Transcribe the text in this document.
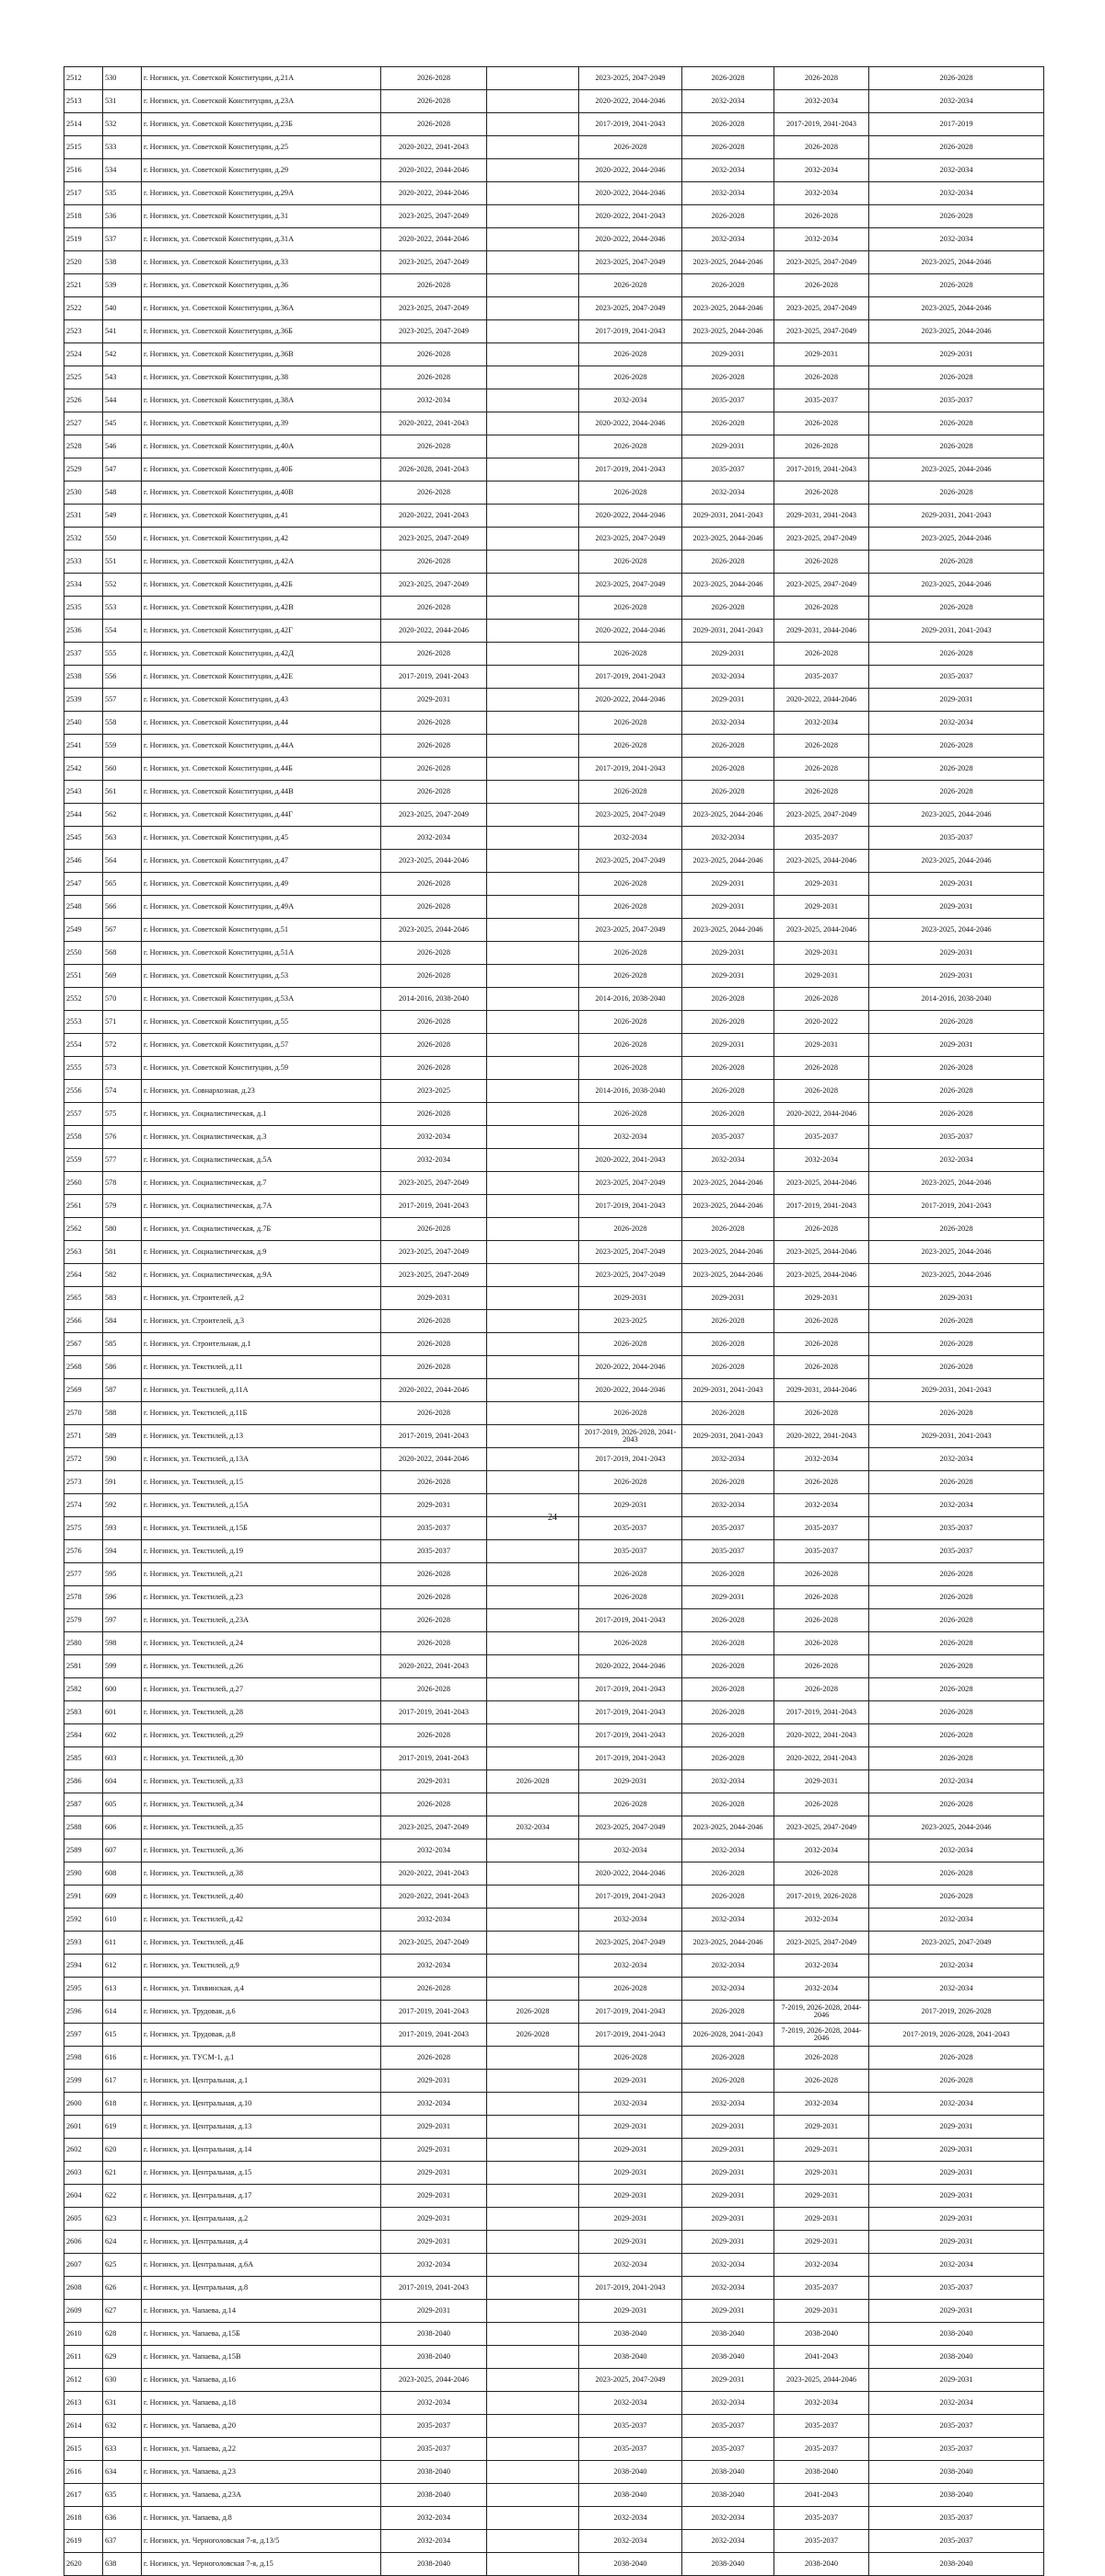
2512	530	г. Ногинск, ул. Советской Конституции, д.21А	2026-2028		2023-2025, 2047-2049	2026-2028	2026-2028	2026-2028
2513	531	г. Ногинск, ул. Советской Конституции, д.23А	2026-2028		2020-2022, 2044-2046	2032-2034	2032-2034	2032-2034
2514	532	г. Ногинск, ул. Советской Конституции, д.23Б	2026-2028		2017-2019, 2041-2043	2026-2028	2017-2019, 2041-2043	2017-2019
2515	533	г. Ногинск, ул. Советской Конституции, д.25	2020-2022, 2041-2043		2026-2028	2026-2028	2026-2028	2026-2028
2516	534	г. Ногинск, ул. Советской Конституции, д.29	2020-2022, 2044-2046		2020-2022, 2044-2046	2032-2034	2032-2034	2032-2034
2517	535	г. Ногинск, ул. Советской Конституции, д.29А	2020-2022, 2044-2046		2020-2022, 2044-2046	2032-2034	2032-2034	2032-2034
2518	536	г. Ногинск, ул. Советской Конституции, д.31	2023-2025, 2047-2049		2020-2022, 2041-2043	2026-2028	2026-2028	2026-2028
2519	537	г. Ногинск, ул. Советской Конституции, д.31А	2020-2022, 2044-2046		2020-2022, 2044-2046	2032-2034	2032-2034	2032-2034
2520	538	г. Ногинск, ул. Советской Конституции, д.33	2023-2025, 2047-2049		2023-2025, 2047-2049	2023-2025, 2044-2046	2023-2025, 2047-2049	2023-2025, 2044-2046
2521	539	г. Ногинск, ул. Советской Конституции, д.36	2026-2028		2026-2028	2026-2028	2026-2028	2026-2028
2522	540	г. Ногинск, ул. Советской Конституции, д.36А	2023-2025, 2047-2049		2023-2025, 2047-2049	2023-2025, 2044-2046	2023-2025, 2047-2049	2023-2025, 2044-2046
2523	541	г. Ногинск, ул. Советской Конституции, д.36Б	2023-2025, 2047-2049		2017-2019, 2041-2043	2023-2025, 2044-2046	2023-2025, 2047-2049	2023-2025, 2044-2046
2524	542	г. Ногинск, ул. Советской Конституции, д.36В	2026-2028		2026-2028	2029-2031	2029-2031	2029-2031
2525	543	г. Ногинск, ул. Советской Конституции, д.38	2026-2028		2026-2028	2026-2028	2026-2028	2026-2028
2526	544	г. Ногинск, ул. Советской Конституции, д.38А	2032-2034		2032-2034	2035-2037	2035-2037	2035-2037
2527	545	г. Ногинск, ул. Советской Конституции, д.39	2020-2022, 2041-2043		2020-2022, 2044-2046	2026-2028	2026-2028	2026-2028
2528	546	г. Ногинск, ул. Советской Конституции, д.40А	2026-2028		2026-2028	2029-2031	2026-2028	2026-2028
2529	547	г. Ногинск, ул. Советской Конституции, д.40Б	2026-2028, 2041-2043		2017-2019, 2041-2043	2035-2037	2017-2019, 2041-2043	2023-2025, 2044-2046
2530	548	г. Ногинск, ул. Советской Конституции, д.40В	2026-2028		2026-2028	2032-2034	2026-2028	2026-2028
2531	549	г. Ногинск, ул. Советской Конституции, д.41	2020-2022, 2041-2043		2020-2022, 2044-2046	2029-2031, 2041-2043	2029-2031, 2041-2043	2029-2031, 2041-2043
2532	550	г. Ногинск, ул. Советской Конституции, д.42	2023-2025, 2047-2049		2023-2025, 2047-2049	2023-2025, 2044-2046	2023-2025, 2047-2049	2023-2025, 2044-2046
2533	551	г. Ногинск, ул. Советской Конституции, д.42А	2026-2028		2026-2028	2026-2028	2026-2028	2026-2028
2534	552	г. Ногинск, ул. Советской Конституции, д.42Б	2023-2025, 2047-2049		2023-2025, 2047-2049	2023-2025, 2044-2046	2023-2025, 2047-2049	2023-2025, 2044-2046
2535	553	г. Ногинск, ул. Советской Конституции, д.42В	2026-2028		2026-2028	2026-2028	2026-2028	2026-2028
2536	554	г. Ногинск, ул. Советской Конституции, д.42Г	2020-2022, 2044-2046		2020-2022, 2044-2046	2029-2031, 2041-2043	2029-2031, 2044-2046	2029-2031, 2041-2043
2537	555	г. Ногинск, ул. Советской Конституции, д.42Д	2026-2028		2026-2028	2029-2031	2026-2028	2026-2028
2538	556	г. Ногинск, ул. Советской Конституции, д.42Е	2017-2019, 2041-2043		2017-2019, 2041-2043	2032-2034	2035-2037	2035-2037
2539	557	г. Ногинск, ул. Советской Конституции, д.43	2029-2031		2020-2022, 2044-2046	2029-2031	2020-2022, 2044-2046	2029-2031
2540	558	г. Ногинск, ул. Советской Конституции, д.44	2026-2028		2026-2028	2032-2034	2032-2034	2032-2034
2541	559	г. Ногинск, ул. Советской Конституции, д.44А	2026-2028		2026-2028	2026-2028	2026-2028	2026-2028
2542	560	г. Ногинск, ул. Советской Конституции, д.44Б	2026-2028		2017-2019, 2041-2043	2026-2028	2026-2028	2026-2028
2543	561	г. Ногинск, ул. Советской Конституции, д.44В	2026-2028		2026-2028	2026-2028	2026-2028	2026-2028
2544	562	г. Ногинск, ул. Советской Конституции, д.44Г	2023-2025, 2047-2049		2023-2025, 2047-2049	2023-2025, 2044-2046	2023-2025, 2047-2049	2023-2025, 2044-2046
2545	563	г. Ногинск, ул. Советской Конституции, д.45	2032-2034		2032-2034	2032-2034	2035-2037	2035-2037
2546	564	г. Ногинск, ул. Советской Конституции, д.47	2023-2025, 2044-2046		2023-2025, 2047-2049	2023-2025, 2044-2046	2023-2025, 2044-2046	2023-2025, 2044-2046
2547	565	г. Ногинск, ул. Советской Конституции, д.49	2026-2028		2026-2028	2029-2031	2029-2031	2029-2031
2548	566	г. Ногинск, ул. Советской Конституции, д.49А	2026-2028		2026-2028	2029-2031	2029-2031	2029-2031
2549	567	г. Ногинск, ул. Советской Конституции, д.51	2023-2025, 2044-2046		2023-2025, 2047-2049	2023-2025, 2044-2046	2023-2025, 2044-2046	2023-2025, 2044-2046
2550	568	г. Ногинск, ул. Советской Конституции, д.51А	2026-2028		2026-2028	2029-2031	2029-2031	2029-2031
2551	569	г. Ногинск, ул. Советской Конституции, д.53	2026-2028		2026-2028	2029-2031	2029-2031	2029-2031
2552	570	г. Ногинск, ул. Советской Конституции, д.53А	2014-2016, 2038-2040		2014-2016, 2038-2040	2026-2028	2026-2028	2014-2016, 2038-2040
2553	571	г. Ногинск, ул. Советской Конституции, д.55	2026-2028		2026-2028	2026-2028	2020-2022	2026-2028
2554	572	г. Ногинск, ул. Советской Конституции, д.57	2026-2028		2026-2028	2029-2031	2029-2031	2029-2031
2555	573	г. Ногинск, ул. Советской Конституции, д.59	2026-2028		2026-2028	2026-2028	2026-2028	2026-2028
2556	574	г. Ногинск, ул. Совнархозная, д.23	2023-2025		2014-2016, 2038-2040	2026-2028	2026-2028	2026-2028
2557	575	г. Ногинск, ул. Социалистическая, д.1	2026-2028		2026-2028	2026-2028	2020-2022, 2044-2046	2026-2028
2558	576	г. Ногинск, ул. Социалистическая, д.3	2032-2034		2032-2034	2035-2037	2035-2037	2035-2037
2559	577	г. Ногинск, ул. Социалистическая, д.5А	2032-2034		2020-2022, 2041-2043	2032-2034	2032-2034	2032-2034
2560	578	г. Ногинск, ул. Социалистическая, д.7	2023-2025, 2047-2049		2023-2025, 2047-2049	2023-2025, 2044-2046	2023-2025, 2044-2046	2023-2025, 2044-2046
2561	579	г. Ногинск, ул. Социалистическая, д.7А	2017-2019, 2041-2043		2017-2019, 2041-2043	2023-2025, 2044-2046	2017-2019, 2041-2043	2017-2019, 2041-2043
2562	580	г. Ногинск, ул. Социалистическая, д.7Б	2026-2028		2026-2028	2026-2028	2026-2028	2026-2028
2563	581	г. Ногинск, ул. Социалистическая, д.9	2023-2025, 2047-2049		2023-2025, 2047-2049	2023-2025, 2044-2046	2023-2025, 2044-2046	2023-2025, 2044-2046
2564	582	г. Ногинск, ул. Социалистическая, д.9А	2023-2025, 2047-2049		2023-2025, 2047-2049	2023-2025, 2044-2046	2023-2025, 2044-2046	2023-2025, 2044-2046
2565	583	г. Ногинск, ул. Строителей, д.2	2029-2031		2029-2031	2029-2031	2029-2031	2029-2031
2566	584	г. Ногинск, ул. Строителей, д.3	2026-2028		2023-2025	2026-2028	2026-2028	2026-2028
2567	585	г. Ногинск, ул. Строительная, д.1	2026-2028		2026-2028	2026-2028	2026-2028	2026-2028
2568	586	г. Ногинск, ул. Текстилей, д.11	2026-2028		2020-2022, 2044-2046	2026-2028	2026-2028	2026-2028
2569	587	г. Ногинск, ул. Текстилей, д.11А	2020-2022, 2044-2046		2020-2022, 2044-2046	2029-2031, 2041-2043	2029-2031, 2044-2046	2029-2031, 2041-2043
2570	588	г. Ногинск, ул. Текстилей, д.11Б	2026-2028		2026-2028	2026-2028	2026-2028	2026-2028
2571	589	г. Ногинск, ул. Текстилей, д.13	2017-2019, 2041-2043		2017-2019, 2026-2028, 2041-2043	2029-2031, 2041-2043	2020-2022, 2041-2043	2029-2031, 2041-2043
2572	590	г. Ногинск, ул. Текстилей, д.13А	2020-2022, 2044-2046		2017-2019, 2041-2043	2032-2034	2032-2034	2032-2034
2573	591	г. Ногинск, ул. Текстилей, д.15	2026-2028		2026-2028	2026-2028	2026-2028	2026-2028
2574	592	г. Ногинск, ул. Текстилей, д.15А	2029-2031		2029-2031	2032-2034	2032-2034	2032-2034
2575	593	г. Ногинск, ул. Текстилей, д.15Б	2035-2037		2035-2037	2035-2037	2035-2037	2035-2037
2576	594	г. Ногинск, ул. Текстилей, д.19	2035-2037		2035-2037	2035-2037	2035-2037	2035-2037
2577	595	г. Ногинск, ул. Текстилей, д.21	2026-2028		2026-2028	2026-2028	2026-2028	2026-2028
2578	596	г. Ногинск, ул. Текстилей, д.23	2026-2028		2026-2028	2029-2031	2026-2028	2026-2028
2579	597	г. Ногинск, ул. Текстилей, д.23А	2026-2028		2017-2019, 2041-2043	2026-2028	2026-2028	2026-2028
2580	598	г. Ногинск, ул. Текстилей, д.24	2026-2028		2026-2028	2026-2028	2026-2028	2026-2028
2581	599	г. Ногинск, ул. Текстилей, д.26	2020-2022, 2041-2043		2020-2022, 2044-2046	2026-2028	2026-2028	2026-2028
2582	600	г. Ногинск, ул. Текстилей, д.27	2026-2028		2017-2019, 2041-2043	2026-2028	2026-2028	2026-2028
2583	601	г. Ногинск, ул. Текстилей, д.28	2017-2019, 2041-2043		2017-2019, 2041-2043	2026-2028	2017-2019, 2041-2043	2026-2028
2584	602	г. Ногинск, ул. Текстилей, д.29	2026-2028		2017-2019, 2041-2043	2026-2028	2020-2022, 2041-2043	2026-2028
2585	603	г. Ногинск, ул. Текстилей, д.30	2017-2019, 2041-2043		2017-2019, 2041-2043	2026-2028	2020-2022, 2041-2043	2026-2028
2586	604	г. Ногинск, ул. Текстилей, д.33	2029-2031	2026-2028	2029-2031	2032-2034	2029-2031	2032-2034
2587	605	г. Ногинск, ул. Текстилей, д.34	2026-2028		2026-2028	2026-2028	2026-2028	2026-2028
2588	606	г. Ногинск, ул. Текстилей, д.35	2023-2025, 2047-2049	2032-2034	2023-2025, 2047-2049	2023-2025, 2044-2046	2023-2025, 2047-2049	2023-2025, 2044-2046
2589	607	г. Ногинск, ул. Текстилей, д.36	2032-2034		2032-2034	2032-2034	2032-2034	2032-2034
2590	608	г. Ногинск, ул. Текстилей, д.38	2020-2022, 2041-2043		2020-2022, 2044-2046	2026-2028	2026-2028	2026-2028
2591	609	г. Ногинск, ул. Текстилей, д.40	2020-2022, 2041-2043		2017-2019, 2041-2043	2026-2028	2017-2019, 2026-2028	2026-2028
2592	610	г. Ногинск, ул. Текстилей, д.42	2032-2034		2032-2034	2032-2034	2032-2034	2032-2034
2593	611	г. Ногинск, ул. Текстилей, д.4Б	2023-2025, 2047-2049		2023-2025, 2047-2049	2023-2025, 2044-2046	2023-2025, 2047-2049	2023-2025, 2047-2049
2594	612	г. Ногинск, ул. Текстилей, д.9	2032-2034		2032-2034	2032-2034	2032-2034	2032-2034
2595	613	г. Ногинск, ул. Тихвинская, д.4	2026-2028		2026-2028	2032-2034	2032-2034	2032-2034
2596	614	г. Ногинск, ул. Трудовая, д.6	2017-2019, 2041-2043	2026-2028	2017-2019, 2041-2043	2026-2028	7-2019, 2026-2028, 2044-2046	2017-2019, 2026-2028
2597	615	г. Ногинск, ул. Трудовая, д.8	2017-2019, 2041-2043	2026-2028	2017-2019, 2041-2043	2026-2028, 2041-2043	7-2019, 2026-2028, 2044-2046	2017-2019, 2026-2028, 2041-2043
2598	616	г. Ногинск, ул. ТУСМ-1, д.1	2026-2028		2026-2028	2026-2028	2026-2028	2026-2028
2599	617	г. Ногинск, ул. Центральная, д.1	2029-2031		2029-2031	2026-2028	2026-2028	2026-2028
2600	618	г. Ногинск, ул. Центральная, д.10	2032-2034		2032-2034	2032-2034	2032-2034	2032-2034
2601	619	г. Ногинск, ул. Центральная, д.13	2029-2031		2029-2031	2029-2031	2029-2031	2029-2031
2602	620	г. Ногинск, ул. Центральная, д.14	2029-2031		2029-2031	2029-2031	2029-2031	2029-2031
2603	621	г. Ногинск, ул. Центральная, д.15	2029-2031		2029-2031	2029-2031	2029-2031	2029-2031
2604	622	г. Ногинск, ул. Центральная, д.17	2029-2031		2029-2031	2029-2031	2029-2031	2029-2031
2605	623	г. Ногинск, ул. Центральная, д.2	2029-2031		2029-2031	2029-2031	2029-2031	2029-2031
2606	624	г. Ногинск, ул. Центральная, д.4	2029-2031		2029-2031	2029-2031	2029-2031	2029-2031
2607	625	г. Ногинск, ул. Центральная, д.6А	2032-2034		2032-2034	2032-2034	2032-2034	2032-2034
2608	626	г. Ногинск, ул. Центральная, д.8	2017-2019, 2041-2043		2017-2019, 2041-2043	2032-2034	2035-2037	2035-2037
2609	627	г. Ногинск, ул. Чапаева, д.14	2029-2031		2029-2031	2029-2031	2029-2031	2029-2031
2610	628	г. Ногинск, ул. Чапаева, д.15Б	2038-2040		2038-2040	2038-2040	2038-2040	2038-2040
2611	629	г. Ногинск, ул. Чапаева, д.15В	2038-2040		2038-2040	2038-2040	2041-2043	2038-2040
2612	630	г. Ногинск, ул. Чапаева, д.16	2023-2025, 2044-2046		2023-2025, 2047-2049	2029-2031	2023-2025, 2044-2046	2029-2031
2613	631	г. Ногинск, ул. Чапаева, д.18	2032-2034		2032-2034	2032-2034	2032-2034	2032-2034
2614	632	г. Ногинск, ул. Чапаева, д.20	2035-2037		2035-2037	2035-2037	2035-2037	2035-2037
2615	633	г. Ногинск, ул. Чапаева, д.22	2035-2037		2035-2037	2035-2037	2035-2037	2035-2037
2616	634	г. Ногинск, ул. Чапаева, д.23	2038-2040		2038-2040	2038-2040	2038-2040	2038-2040
2617	635	г. Ногинск, ул. Чапаева, д.23А	2038-2040		2038-2040	2038-2040	2041-2043	2038-2040
2618	636	г. Ногинск, ул. Чапаева, д.8	2032-2034		2032-2034	2032-2034	2035-2037	2035-2037
2619	637	г. Ногинск, ул. Черноголовская 7-я, д.13/5	2032-2034		2032-2034	2032-2034	2035-2037	2035-2037
2620	638	г. Ногинск, ул. Черноголовская 7-я, д.15	2038-2040		2038-2040	2038-2040	2038-2040	2038-2040
24
